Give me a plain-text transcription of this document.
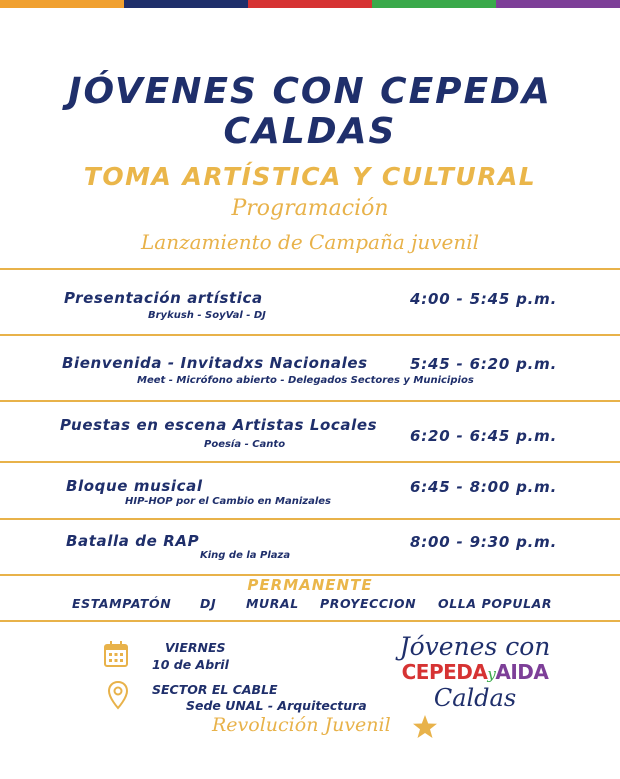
JÓVENES CON CEPEDA
CALDAS
TOMA ARTÍSTICA Y CULTURAL
Programación
Lanzamiento de Campaña juvenil
Presentación artística
Brykush - SoyVal - DJ
4:00 - 5:45 p.m.
Bienvenida - Invitadxs Nacionales
Meet - Micrófono abierto - Delegados Sectores y Municipios
5:45 - 6:20 p.m.
Puestas en escena Artistas Locales
Poesía - Canto	6:20 - 6:45 p.m.
Bloque musical
HIP-HOP por el Cambio en Manizales
6:45 - 8:00 p.m.
Batalla de RAP
King de la Plaza
8:00 - 9:30 p.m.
PERMANENTE
ESTAMPATÓN DJ MURAL PROYECCION OLLA POPULAR
VIERNES
10 de Abril
SECTOR EL CABLE
Sede UNAL - Arquitectura
Jóvenes con
CEPEDAyAIDA
Caldas
Revolución Juvenil
